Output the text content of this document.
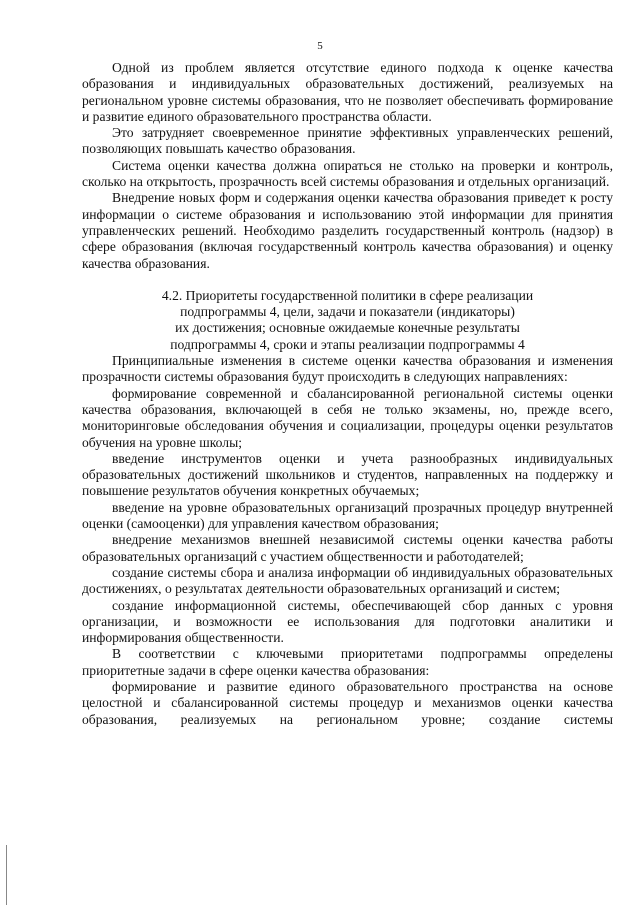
5

Одной из проблем является отсутствие единого подхода к оценке качества образования и индивидуальных образовательных достижений, реализуемых на региональном уровне системы образования, что не позволяет обеспечивать формирование и развитие единого образовательного пространства области.

Это затрудняет своевременное принятие эффективных управленческих решений, позволяющих повышать качество образования.

Система оценки качества должна опираться не столько на проверки и контроль, сколько на открытость, прозрачность всей системы образования и отдельных организаций.

Внедрение новых форм и содержания оценки качества образования приведет к росту информации о системе образования и использованию этой информации для принятия управленческих решений. Необходимо разделить государственный контроль (надзор) в сфере образования (включая государственный контроль качества образования) и оценку качества образования.

4.2. Приоритеты государственной политики в сфере реализации
подпрограммы 4, цели, задачи и показатели (индикаторы)
их достижения; основные ожидаемые конечные результаты
подпрограммы 4, сроки и этапы реализации подпрограммы 4

Принципиальные изменения в системе оценки качества образования и изменения прозрачности системы образования будут происходить в следующих направлениях:

формирование современной и сбалансированной региональной системы оценки качества образования, включающей в себя не только экзамены, но, прежде всего, мониторинговые обследования обучения и социализации, процедуры оценки результатов обучения на уровне школы;

введение инструментов оценки и учета разнообразных индивидуальных образовательных достижений школьников и студентов, направленных на поддержку и повышение результатов обучения конкретных обучаемых;

введение на уровне образовательных организаций прозрачных процедур внутренней оценки (самооценки) для управления качеством образования;

внедрение механизмов внешней независимой системы оценки качества работы образовательных организаций с участием общественности и работодателей;

создание системы сбора и анализа информации об индивидуальных образовательных достижениях, о результатах деятельности образовательных организаций и систем;

создание информационной системы, обеспечивающей сбор данных с уровня организации, и возможности ее использования для подготовки аналитики и информирования общественности.

В соответствии с ключевыми приоритетами подпрограммы определены приоритетные задачи в сфере оценки качества образования:

формирование и развитие единого образовательного пространства на основе целостной и сбалансированной системы процедур и механизмов оценки качества образования, реализуемых на региональном уровне; создание системы
